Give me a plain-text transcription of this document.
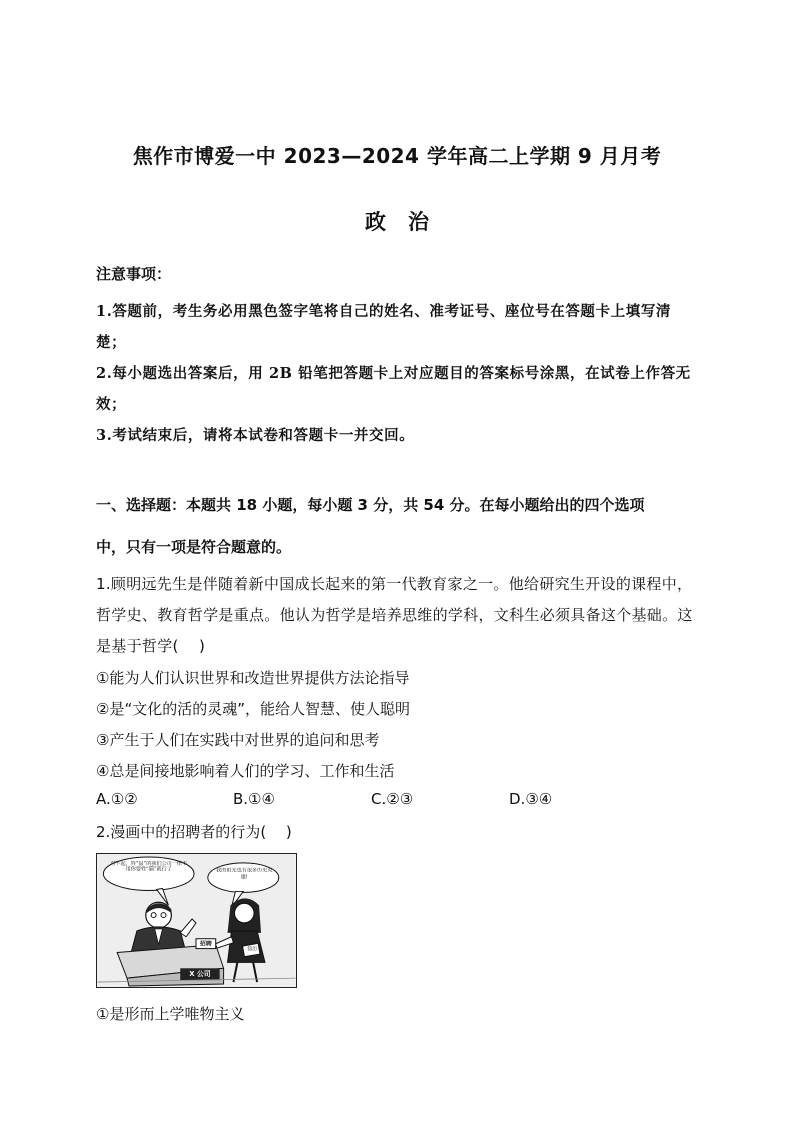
焦作市博爱一中 2023—2024 学年高二上学期 9 月月考
政治
注意事项：
1.答题前，考生务必用黑色签字笔将自己的姓名、准考证号、座位号在答题卡上填写清楚；
2.每小题选出答案后，用 2B 铅笔把答题卡上对应题目的答案标号涂黑，在试卷上作答无效；
3.考试结束后，请将本试卷和答题卡一并交回。
一、选择题：本题共 18 小题，每小题 3 分，共 54 分。在每小题给出的四个选项
中，只有一项是符合题意的。
1.顾明远先生是伴随着新中国成长起来的第一代教育家之一。他给研究生开设的课程中，哲学史、教育哲学是重点。他认为哲学是培养思维的学科，文科生必须具备这个基础。这是基于哲学(　 )
①能为人们认识世界和改造世界提供方法论指导
②是“文化的活的灵魂”，能给人智慧、使人聪明
③产生于人们在实践中对世界的追问和思考
④总是间接地影响着人们的学习、工作和生活
A.①②	B.①④	C.②③	D.③④
2.漫画中的招聘者的行为(　 )
对不起，姓“鼠”的我们公司一律不用你要姓“猫”就行了	我的祖先也有很多历史英雄!
简历
招聘
X 公司
①是形而上学唯物主义
